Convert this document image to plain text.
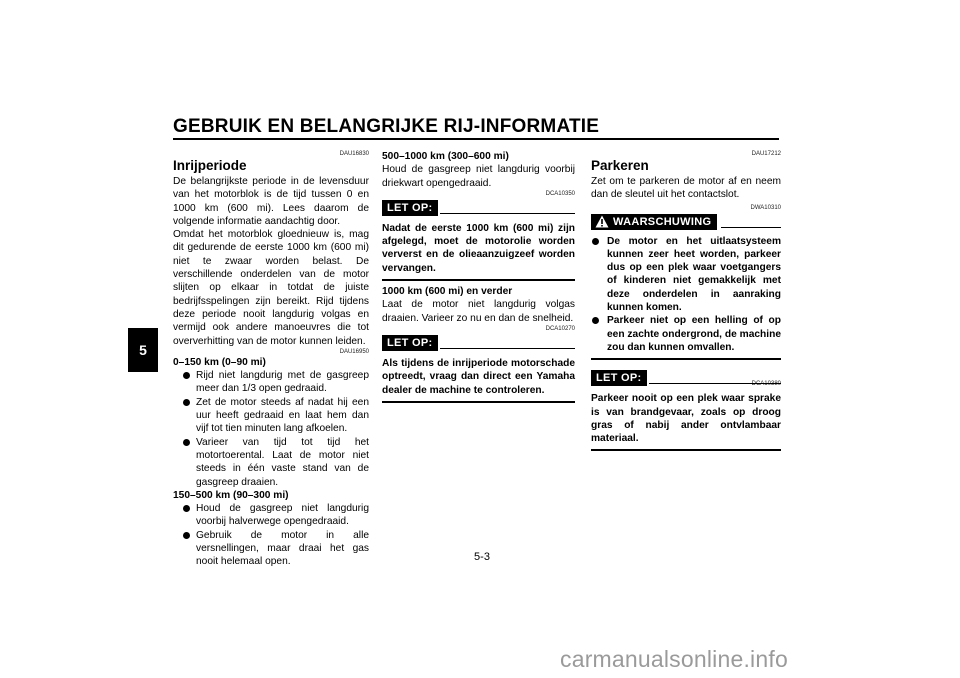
GEBRUIK EN BELANGRIJKE RIJ-INFORMATIE
5
DAU16830
Inrijperiode

De belangrijkste periode in de levensduur van het motorblok is de tijd tussen 0 en 1000 km (600 mi). Lees daarom de volgende informatie aandachtig door.

Omdat het motorblok gloednieuw is, mag dit gedurende de eerste 1000 km (600 mi) niet te zwaar worden belast. De verschillende onderdelen van de motor slijten op elkaar in totdat de juiste bedrijfsspelingen zijn bereikt. Rijd tijdens deze periode nooit langdurig volgas en vermijd ook andere manoeuvres die tot oververhitting van de motor kunnen leiden.

DAU16950
0–150 km (0–90 mi)
Rijd niet langdurig met de gasgreep meer dan 1/3 open gedraaid.
Zet de motor steeds af nadat hij een uur heeft gedraaid en laat hem dan vijf tot tien minuten lang afkoelen.
Varieer van tijd tot tijd het motortoerental. Laat de motor niet steeds in één vaste stand van de gasgreep draaien.
150–500 km (90–300 mi)
Houd de gasgreep niet langdurig voorbij halverwege opengedraaid.
Gebruik de motor in alle versnellingen, maar draai het gas nooit helemaal open.
500–1000 km (300–600 mi)

Houd de gasgreep niet langdurig voorbij driekwart opengedraaid.

DCA10350
LET OP:

Nadat de eerste 1000 km (600 mi) zijn afgelegd, moet de motorolie worden ververst en de olieaanzuigzeef worden vervangen.

1000 km (600 mi) en verder

Laat de motor niet langdurig volgas draaien. Varieer zo nu en dan de snelheid.

DCA10270
LET OP:

Als tijdens de inrijperiode motorschade optreedt, vraag dan direct een Yamaha dealer de machine te controleren.

DAU17212
Parkeren

Zet om te parkeren de motor af en neem dan de sleutel uit het contactslot.

DWA10310
WAARSCHUWING
De motor en het uitlaatsysteem kunnen zeer heet worden, parkeer dus op een plek waar voetgangers of kinderen niet gemakkelijk met deze onderdelen in aanraking kunnen komen.
Parkeer niet op een helling of op een zachte ondergrond, de machine zou dan kunnen omvallen.
LET OP:	DCA10380

Parkeer nooit op een plek waar sprake is van brandgevaar, zoals op droog gras of nabij ander ontvlambaar materiaal.

5-3
carmanualsonline.info
